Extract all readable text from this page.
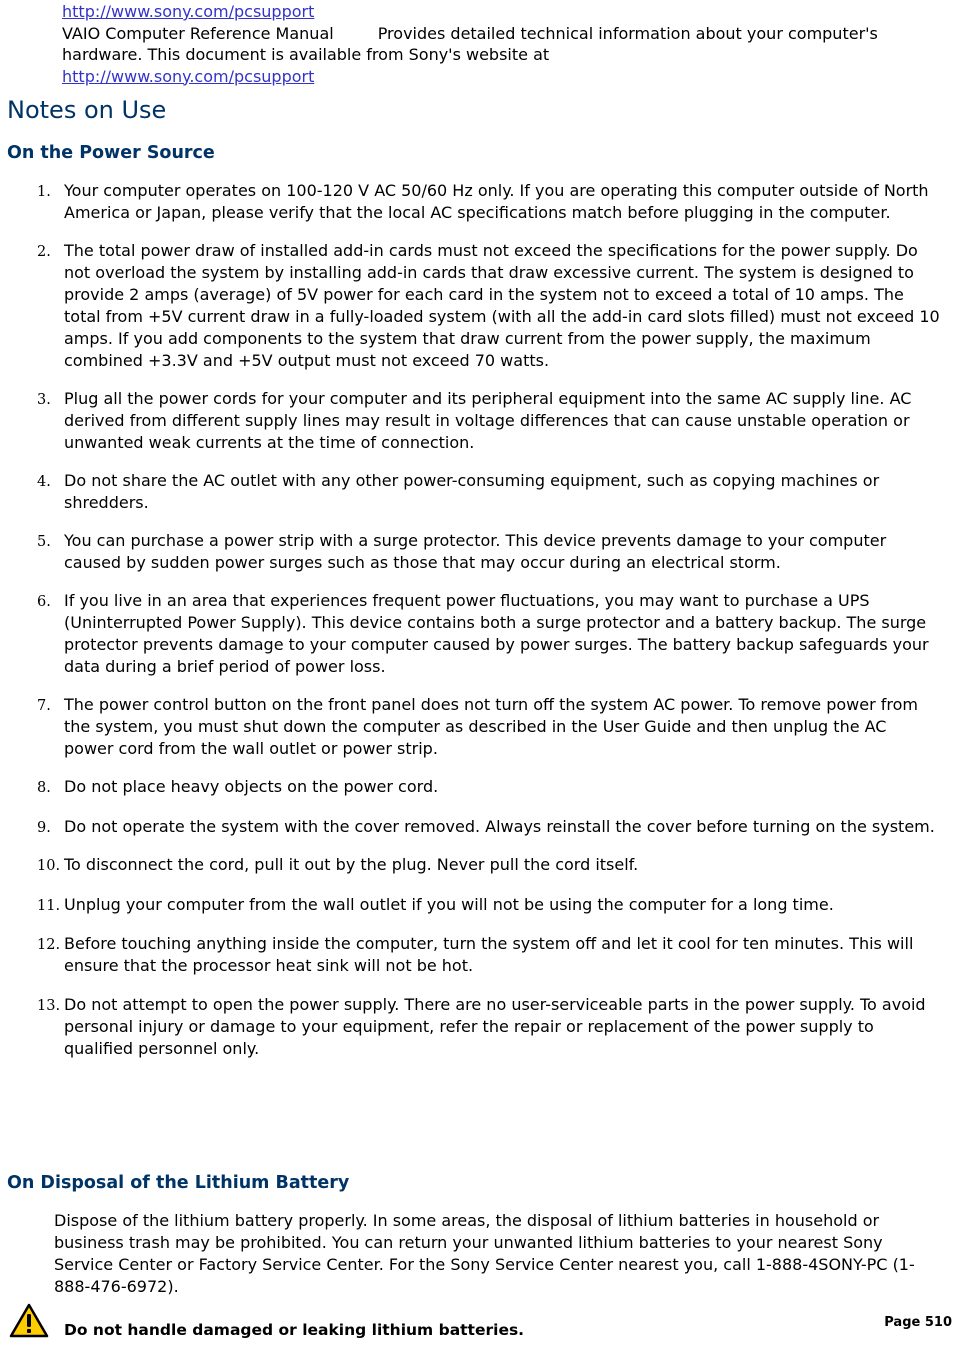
http://www.sony.com/pcsupport
VAIO Computer Reference Manual	Provides detailed technical information about your computer's hardware. This document is available from Sony's website at
http://www.sony.com/pcsupport
Notes on Use
On the Power Source
1. Your computer operates on 100-120 V AC 50/60 Hz only. If you are operating this computer outside of North America or Japan, please verify that the local AC specifications match before plugging in the computer.
2. The total power draw of installed add-in cards must not exceed the specifications for the power supply. Do not overload the system by installing add-in cards that draw excessive current. The system is designed to provide 2 amps (average) of 5V power for each card in the system not to exceed a total of 10 amps. The total from +5V current draw in a fully-loaded system (with all the add-in card slots filled) must not exceed 10 amps. If you add components to the system that draw current from the power supply, the maximum combined +3.3V and +5V output must not exceed 70 watts.
3. Plug all the power cords for your computer and its peripheral equipment into the same AC supply line. AC derived from different supply lines may result in voltage differences that can cause unstable operation or unwanted weak currents at the time of connection.
4. Do not share the AC outlet with any other power-consuming equipment, such as copying machines or shredders.
5. You can purchase a power strip with a surge protector. This device prevents damage to your computer caused by sudden power surges such as those that may occur during an electrical storm.
6. If you live in an area that experiences frequent power fluctuations, you may want to purchase a UPS (Uninterrupted Power Supply). This device contains both a surge protector and a battery backup. The surge protector prevents damage to your computer caused by power surges. The battery backup safeguards your data during a brief period of power loss.
7. The power control button on the front panel does not turn off the system AC power. To remove power from the system, you must shut down the computer as described in the User Guide and then unplug the AC power cord from the wall outlet or power strip.
8. Do not place heavy objects on the power cord.
9. Do not operate the system with the cover removed. Always reinstall the cover before turning on the system.
10. To disconnect the cord, pull it out by the plug. Never pull the cord itself.
11. Unplug your computer from the wall outlet if you will not be using the computer for a long time.
12. Before touching anything inside the computer, turn the system off and let it cool for ten minutes. This will ensure that the processor heat sink will not be hot.
13. Do not attempt to open the power supply. There are no user-serviceable parts in the power supply. To avoid personal injury or damage to your equipment, refer the repair or replacement of the power supply to qualified personnel only.
On Disposal of the Lithium Battery

Dispose of the lithium battery properly. In some areas, the disposal of lithium batteries in household or business trash may be prohibited. You can return your unwanted lithium batteries to your nearest Sony Service Center or Factory Service Center. For the Sony Service Center nearest you, call 1-888-4SONY-PC (1-888-476-6972).

Do not handle damaged or leaking lithium batteries.	Page 510
